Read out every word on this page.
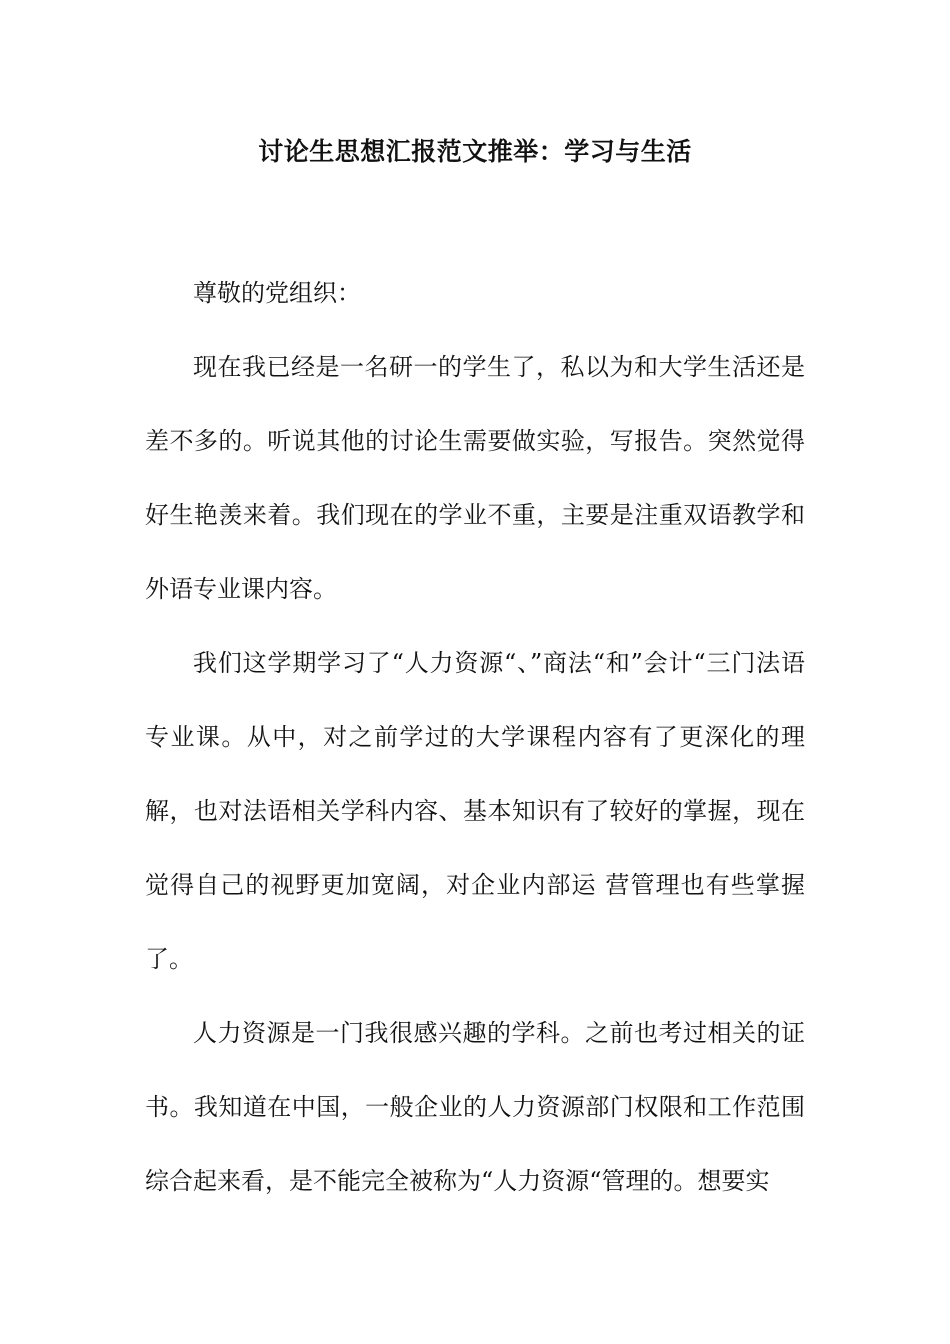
讨论生思想汇报范文推举：学习与生活

尊敬的党组织：

现在我已经是一名研一的学生了，私以为和大学生活还是差不多的。听说其他的讨论生需要做实验，写报告。突然觉得好生艳羡来着。我们现在的学业不重，主要是注重双语教学和外语专业课内容。

我们这学期学习了“人力资源“、”商法“和”会计“三门法语专业课。从中，对之前学过的大学课程内容有了更深化的理解，也对法语相关学科内容、基本知识有了较好的掌握，现在觉得自己的视野更加宽阔，对企业内部运 营管理也有些掌握了。

人力资源是一门我很感兴趣的学科。之前也考过相关的证书。我知道在中国，一般企业的人力资源部门权限和工作范围综合起来看，是不能完全被称为“人力资源“管理的。想要实
